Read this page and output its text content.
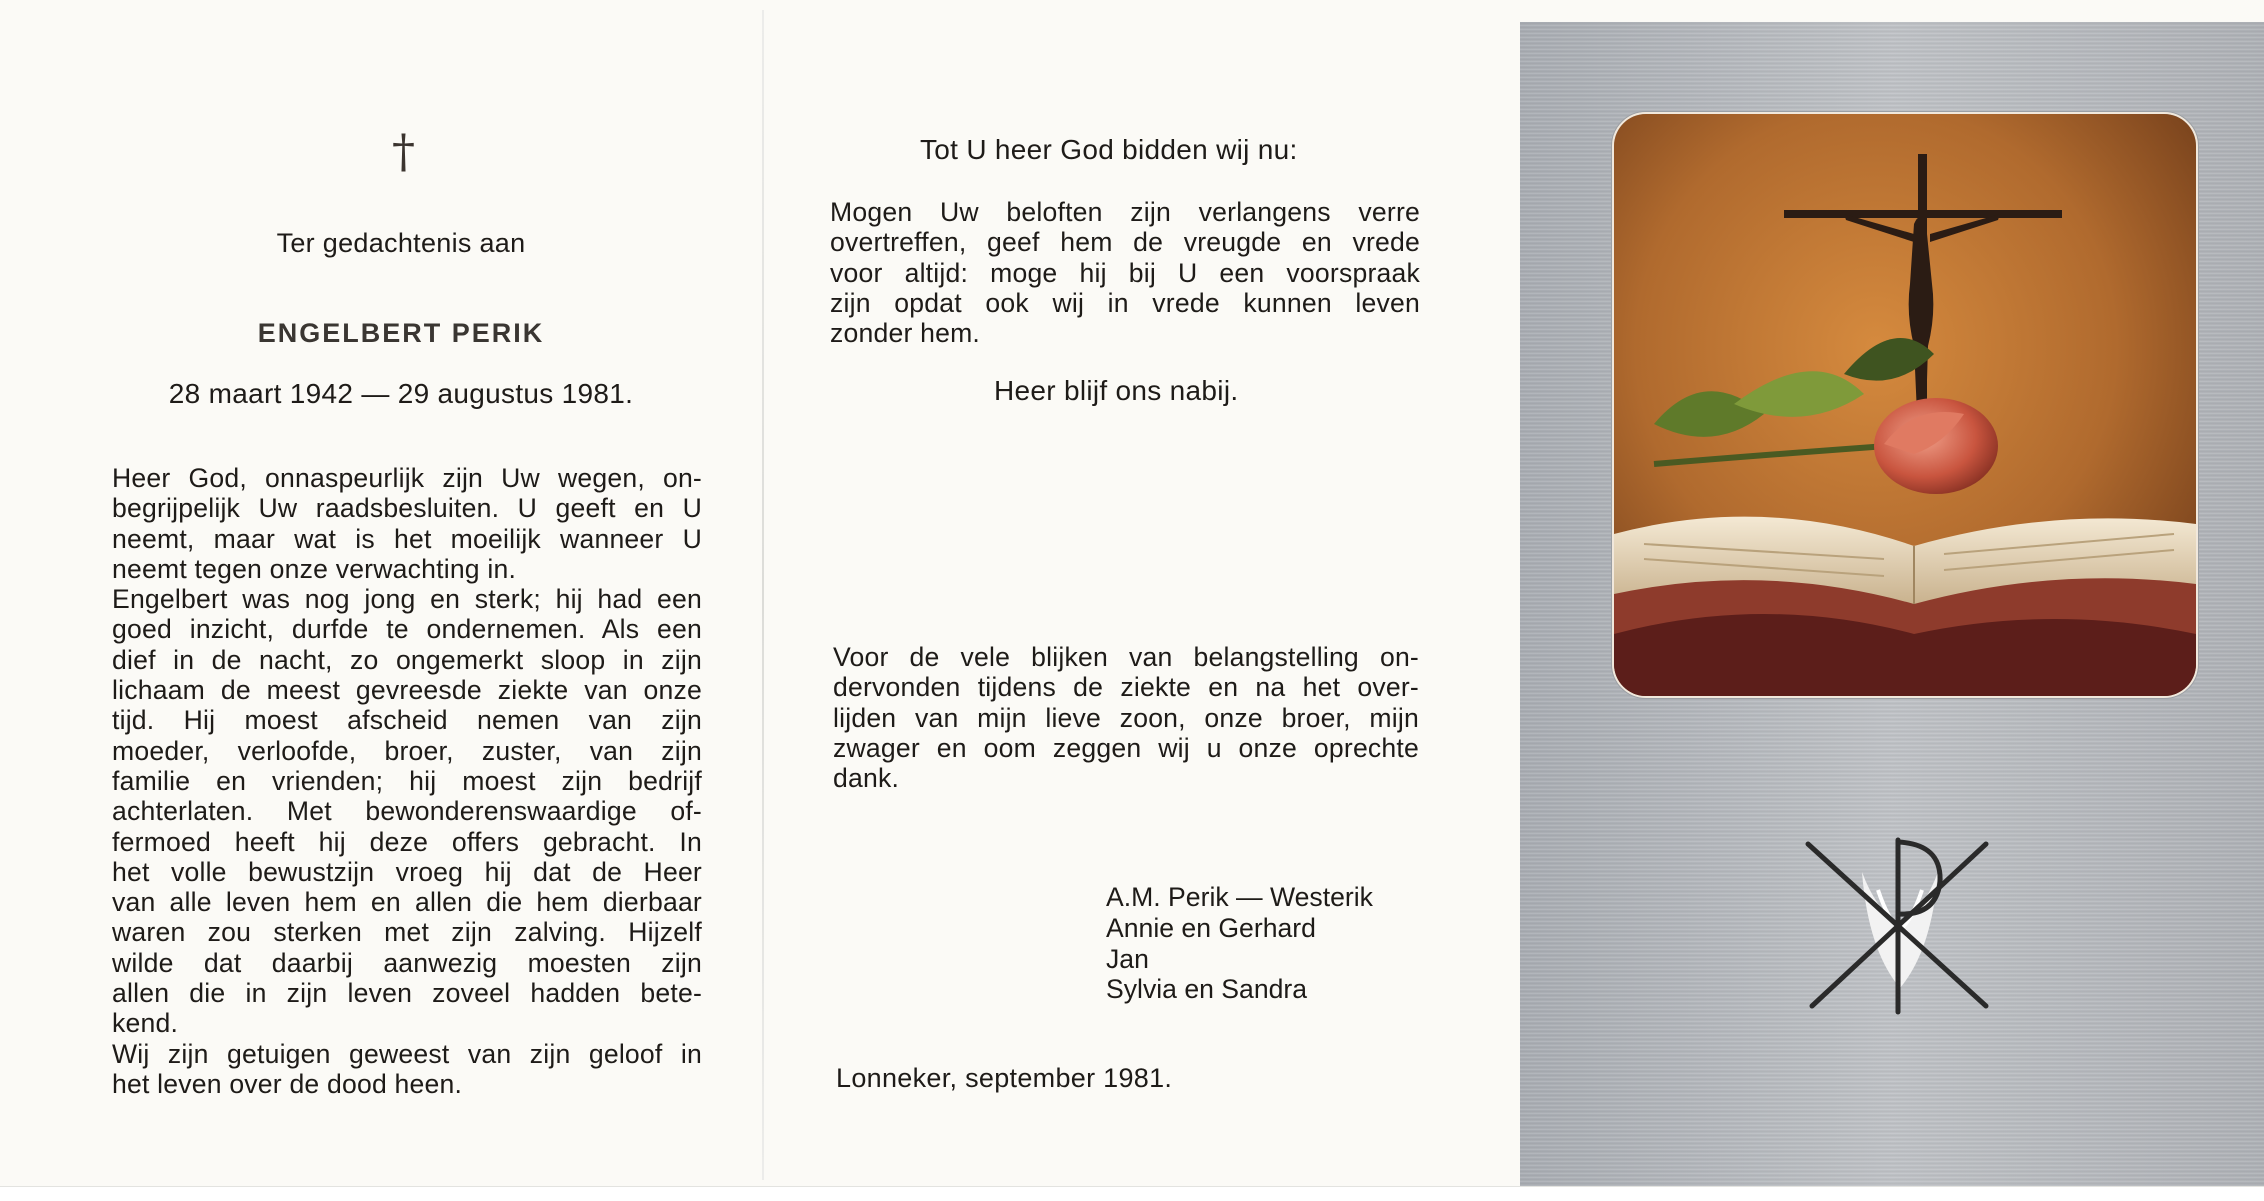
†
Ter gedachtenis aan
ENGELBERT PERIK
28 maart 1942 — 29 augustus 1981.
Heer God, onnaspeurlijk zijn Uw wegen, on-
begrijpelijk Uw raadsbesluiten. U geeft en U
neemt, maar wat is het moeilijk wanneer U
neemt tegen onze verwachting in.
Engelbert was nog jong en sterk; hij had een
goed inzicht, durfde te ondernemen. Als een
dief in de nacht, zo ongemerkt sloop in zijn
lichaam de meest gevreesde ziekte van onze
tijd. Hij moest afscheid nemen van zijn
moeder, verloofde, broer, zuster, van zijn
familie en vrienden; hij moest zijn bedrijf
achterlaten. Met bewonderenswaardige of-
fermoed heeft hij deze offers gebracht. In
het volle bewustzijn vroeg hij dat de Heer
van alle leven hem en allen die hem dierbaar
waren zou sterken met zijn zalving. Hijzelf
wilde dat daarbij aanwezig moesten zijn
allen die in zijn leven zoveel hadden bete-
kend.
Wij zijn getuigen geweest van zijn geloof in
het leven over de dood heen.
Tot U heer God bidden wij nu:
Mogen Uw beloften zijn verlangens verre
overtreffen, geef hem de vreugde en vrede
voor altijd: moge hij bij U een voorspraak
zijn opdat ook wij in vrede kunnen leven
zonder hem.
Heer blijf ons nabij.
Voor de vele blijken van belangstelling on-
dervonden tijdens de ziekte en na het over-
lijden van mijn lieve zoon, onze broer, mijn
zwager en oom zeggen wij u onze oprechte
dank.
A.M. Perik — Westerik
Annie en Gerhard
Jan
Sylvia en Sandra
Lonneker, september 1981.
